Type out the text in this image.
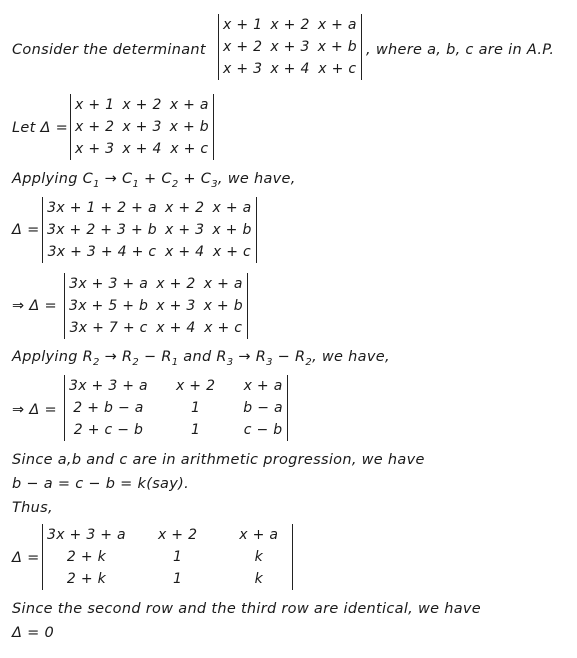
Consider the determinant
x + 1	x + 2	x + a
x + 2	x + 3	x + b
x + 3	x + 4	x + c
, where a, b, c are in A.P.
Let Δ =
x + 1	x + 2	x + a
x + 2	x + 3	x + b
x + 3	x + 4	x + c
Applying $C_1 \to C_1 + C_2 + C_3$, we have,
Δ =
3x + 1 + 2 + a	x + 2	x + a
3x + 2 + 3 + b	x + 3	x + b
3x + 3 + 4 + c	x + 4	x + c
⇒ Δ =
3x + 3 + a	x + 2	x + a
3x + 5 + b	x + 3	x + b
3x + 7 + c	x + 4	x + c
Applying $R_2 \to R_2 - R_1$ and $R_3 \to R_3 - R_2$, we have,
⇒ Δ =
3x + 3 + a	x + 2	x + a
2 + b − a	1	b − a
2 + c − b	1	c − b
Since a,b and c are in arithmetic progression, we have
b − a = c − b = k(say).
Thus,
Δ =
3x + 3 + a	x + 2	x + a
2 + k	1	k
2 + k	1	k
Since the second row and the third row are identical, we have
Δ = 0
